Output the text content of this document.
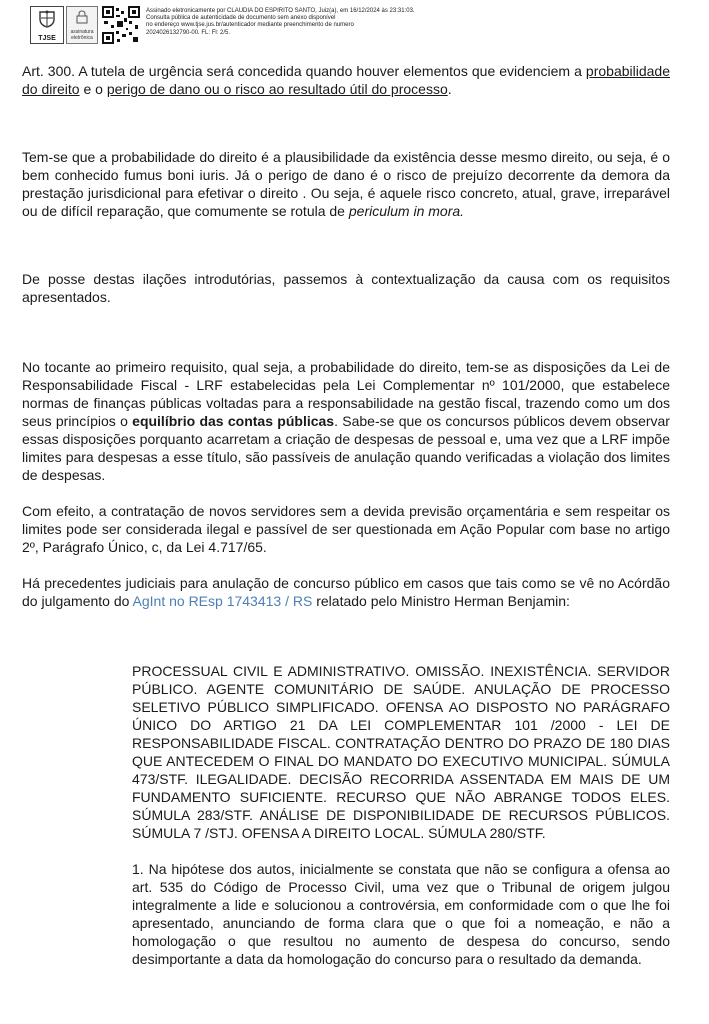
TJSE
assinatura
eletrônica
Assinado eletronicamente por CLAUDIA DO ESPIRITO SANTO, Juiz(a), em 16/12/2024 às 23:31:03.
Consulta pública de autenticidade de documento sem anexo disponível
no endereço www.tjse.jus.br/autenticador mediante preenchimento de numero
2024026132790-00. FL: Fl: 2/5.

Art. 300. A tutela de urgência será concedida quando houver elementos que evidenciem a probabilidade do direito e o perigo de dano ou o risco ao resultado útil do processo.

Tem-se que a probabilidade do direito é a plausibilidade da existência desse mesmo direito, ou seja, é o bem conhecido fumus boni iuris. Já o perigo de dano é o risco de prejuízo decorrente da demora da prestação jurisdicional para efetivar o direito . Ou seja, é aquele risco concreto, atual, grave, irreparável ou de difícil reparação, que comumente se rotula de periculum in mora.

De posse destas ilações introdutórias, passemos à contextualização da causa com os requisitos apresentados.

No tocante ao primeiro requisito, qual seja, a probabilidade do direito, tem-se as disposições da Lei de Responsabilidade Fiscal - LRF estabelecidas pela Lei Complementar nº 101/2000, que estabelece normas de finanças públicas voltadas para a responsabilidade na gestão fiscal, trazendo como um dos seus princípios o equilíbrio das contas públicas. Sabe-se que os concursos públicos devem observar essas disposições porquanto acarretam a criação de despesas de pessoal e, uma vez que a LRF impõe limites para despesas a esse título, são passíveis de anulação quando verificadas a violação dos limites de despesas.

Com efeito, a contratação de novos servidores sem a devida previsão orçamentária e sem respeitar os limites pode ser considerada ilegal e passível de ser questionada em Ação Popular com base no artigo 2º, Parágrafo Único, c, da Lei 4.717/65.

Há precedentes judiciais para anulação de concurso público em casos que tais como se vê no Acórdão do julgamento do AgInt no REsp 1743413 / RS relatado pelo Ministro Herman Benjamin:

PROCESSUAL CIVIL E ADMINISTRATIVO. OMISSÃO. INEXISTÊNCIA. SERVIDOR PÚBLICO. AGENTE COMUNITÁRIO DE SAÚDE. ANULAÇÃO DE PROCESSO SELETIVO PÚBLICO SIMPLIFICADO. OFENSA AO DISPOSTO NO PARÁGRAFO ÚNICO DO ARTIGO 21 DA LEI COMPLEMENTAR 101 /2000 - LEI DE RESPONSABILIDADE FISCAL. CONTRATAÇÃO DENTRO DO PRAZO DE 180 DIAS QUE ANTECEDEM O FINAL DO MANDATO DO EXECUTIVO MUNICIPAL. SÚMULA 473/STF. ILEGALIDADE. DECISÃO RECORRIDA ASSENTADA EM MAIS DE UM FUNDAMENTO SUFICIENTE. RECURSO QUE NÃO ABRANGE TODOS ELES. SÚMULA 283/STF. ANÁLISE DE DISPONIBILIDADE DE RECURSOS PÚBLICOS. SÚMULA 7 /STJ. OFENSA A DIREITO LOCAL. SÚMULA 280/STF.

1. Na hipótese dos autos, inicialmente se constata que não se configura a ofensa ao art. 535 do Código de Processo Civil, uma vez que o Tribunal de origem julgou integralmente a lide e solucionou a controvérsia, em conformidade com o que lhe foi apresentado, anunciando de forma clara que o que foi a nomeação, e não a homologação o que resultou no aumento de despesa do concurso, sendo desimportante a data da homologação do concurso para o resultado da demanda.
